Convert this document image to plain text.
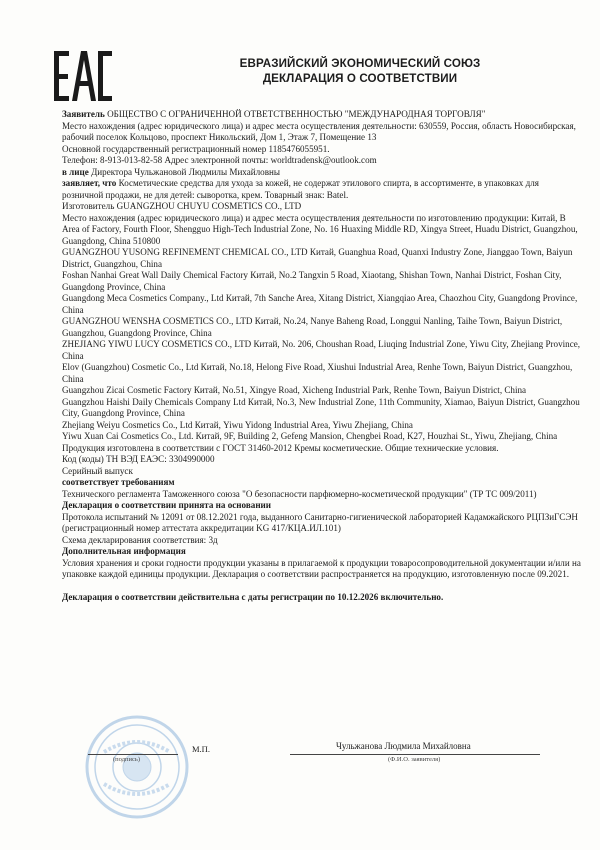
ЕВРАЗИЙСКИЙ ЭКОНОМИЧЕСКИЙ СОЮЗ
ДЕКЛАРАЦИЯ О СООТВЕТСТВИИ

Заявитель ОБЩЕСТВО С ОГРАНИЧЕННОЙ ОТВЕТСТВЕННОСТЬЮ "МЕЖДУНАРОДНАЯ ТОРГОВЛЯ"

Место нахождения (адрес юридического лица) и адрес места осуществления деятельности: 630559, Россия, область Новосибирская, рабочий поселок Кольцово, проспект Никольский, Дом 1, Этаж 7, Помещение 13

Основной государственный регистрационный номер 1185476055951.

Телефон: 8-913-013-82-58 Адрес электронной почты: worldtradensk@outlook.com

в лице Директора Чульжановой Людмилы Михайловны

заявляет, что Косметические средства для ухода за кожей, не содержат этилового спирта, в ассортименте, в упаковках для розничной продажи, не для детей: сыворотка, крем. Товарный знак: Batel.

Изготовитель GUANGZHOU CHUYU COSMETICS CO., LTD

Место нахождения (адрес юридического лица) и адрес места осуществления деятельности по изготовлению продукции: Китай, B Area of Factory, Fourth Floor, Shengguo High-Tech Industrial Zone, No. 16 Huaxing Middle RD, Xingya Street, Huadu District, Guangzhou, Guangdong, China 510800

GUANGZHOU YUSONG REFINEMENT CHEMICAL CO., LTD Китай, Guanghua Road, Quanxi Industry Zone, Jianggao Town, Baiyun District, Guangzhou, China

Foshan Nanhai Great Wall Daily Chemical Factory Китай, No.2 Tangxin 5 Road, Xiaotang, Shishan Town, Nanhai District, Foshan City, Guangdong Province, China

Guangdong Meca Cosmetics Company., Ltd Китай, 7th Sanche Area, Xitang District, Xiangqiao Area, Chaozhou City, Guangdong Province, China

GUANGZHOU WENSHA COSMETICS CO., LTD Китай, No.24, Nanye Baheng Road, Longgui Nanling, Taihe Town, Baiyun District, Guangzhou, Guangdong Province, China

ZHEJIANG YIWU LUCY COSMETICS CO., LTD Китай, No. 206, Choushan Road, Liuqing Industrial Zone, Yiwu City, Zhejiang Province, China

Elov (Guangzhou) Cosmetic Co., Ltd Китай, No.18, Helong Five Road, Xiushui Industrial Area, Renhe Town, Baiyun District, Guangzhou, China

Guangzhou Zicai Cosmetic Factory Китай, No.51, Xingye Road, Xicheng Industrial Park, Renhe Town, Baiyun District, China

Guangzhou Haishi Daily Chemicals Company Ltd Китай, No.3, New Industrial Zone, 11th Community, Xiamao, Baiyun District, Guangzhou City, Guangdong Province, China

Zhejiang Weiyu Cosmetics Co., Ltd Китай, Yiwu Yidong Industrial Area, Yiwu Zhejiang, China

Yiwu Xuan Cai Cosmetics Co., Ltd. Китай, 9F, Building 2, Gefeng Mansion, Chengbei Road, K27, Houzhai St., Yiwu, Zhejiang, China Продукция изготовлена в соответствии с ГОСТ 31460-2012 Кремы косметические. Общие технические условия.

Код (коды) ТН ВЭД ЕАЭС: 3304990000

Серийный выпуск

соответствует требованиям

Технического регламента Таможенного союза "О безопасности парфюмерно-косметической продукции" (ТР ТС 009/2011)

Декларация о соответствии принята на основании

Протокола испытаний № 12091 от 08.12.2021 года, выданного Санитарно-гигиенической лабораторией Кадамжайского РЦПЗиГСЭН (регистрационный номер аттестата аккредитации KG 417/КЦА.ИЛ.101)

Схема декларирования соответствия: 3д

Дополнительная информация

Условия хранения и сроки годности продукции указаны в прилагаемой к продукции товаросопроводительной документации и/или на упаковке каждой единицы продукции. Декларация о соответствии распространяется на продукцию, изготовленную после 09.2021.

Декларация о соответствии действительна с даты регистрации по 10.12.2026 включительно.

(подпись)
М.П.	Чульжанова Людмила Михайловна
(Ф.И.О. заявителя)
